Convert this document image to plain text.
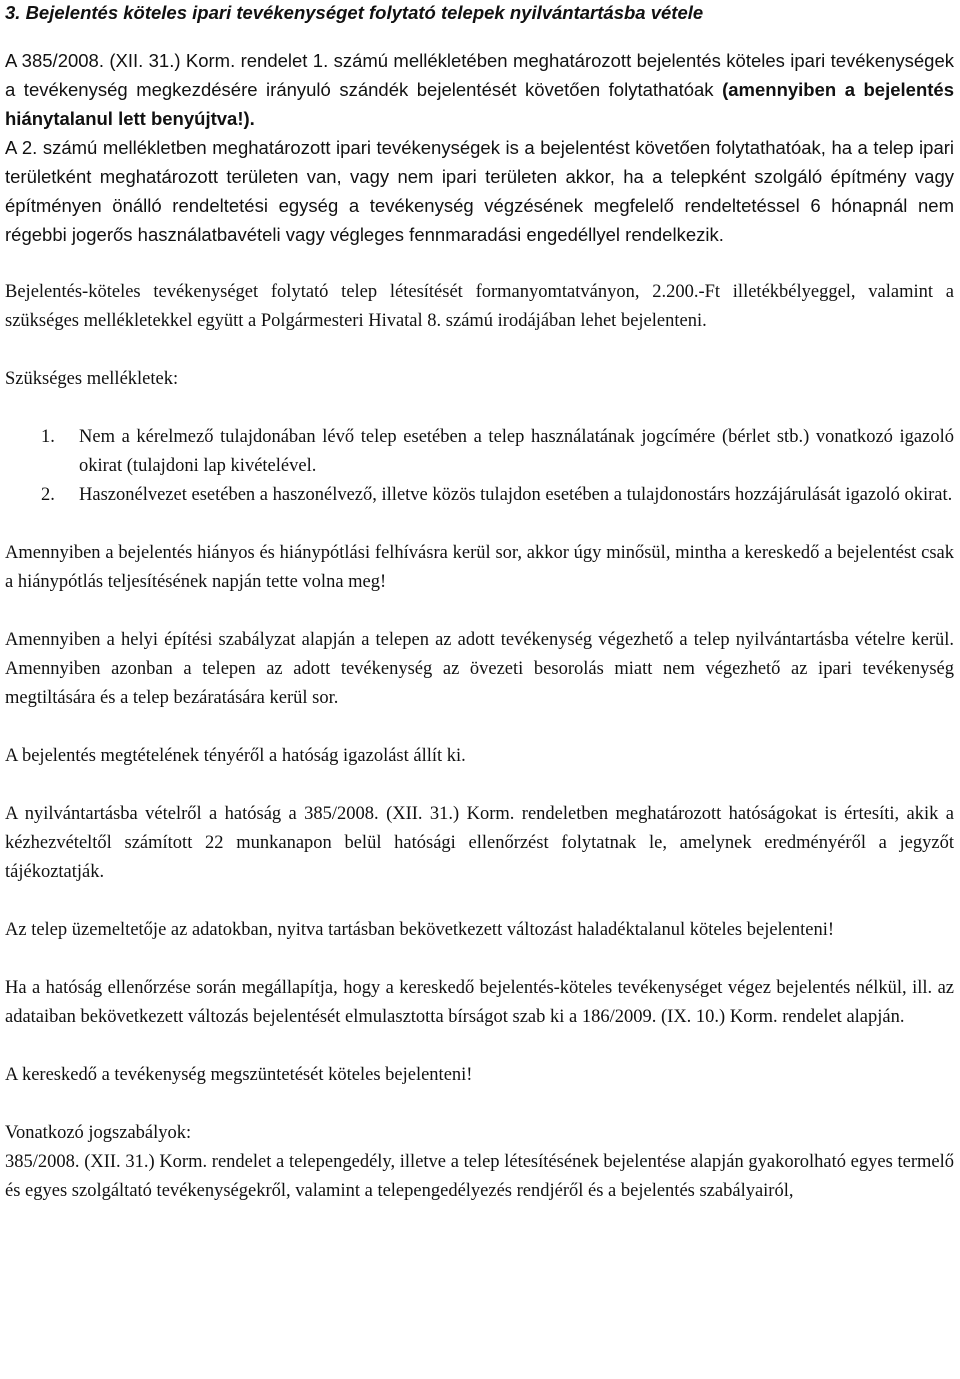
3. Bejelentés köteles ipari tevékenységet folytató telepek nyilvántartásba vétele

A 385/2008. (XII. 31.) Korm. rendelet 1. számú mellékletében meghatározott bejelentés köteles ipari tevékenységek a tevékenység megkezdésére irányuló szándék bejelentését követően folytathatóak (amennyiben a bejelentés hiánytalanul lett benyújtva!).

A 2. számú mellékletben meghatározott ipari tevékenységek is a bejelentést követően folytathatóak, ha a telep ipari területként meghatározott területen van, vagy nem ipari területen akkor, ha a telepként szolgáló építmény vagy építményen önálló rendeltetési egység a tevékenység végzésének megfelelő rendeltetéssel 6 hónapnál nem régebbi jogerős használatbavételi vagy végleges fennmaradási engedéllyel rendelkezik.

Bejelentés-köteles tevékenységet folytató telep létesítését formanyomtatványon, 2.200.-Ft illetékbélyeggel, valamint a szükséges mellékletekkel együtt a Polgármesteri Hivatal 8. számú irodájában lehet bejelenteni.

Szükséges mellékletek:

1.	Nem a kérelmező tulajdonában lévő telep esetében a telep használatának jogcímére (bérlet stb.) vonatkozó igazoló okirat (tulajdoni lap kivételével.
2.	Haszonélvezet esetében a haszonélvező, illetve közös tulajdon esetében a tulajdonostárs hozzájárulását igazoló okirat.

Amennyiben a bejelentés hiányos és hiánypótlási felhívásra kerül sor, akkor úgy minősül, mintha a kereskedő a bejelentést csak a hiánypótlás teljesítésének napján tette volna meg!

Amennyiben a helyi építési szabályzat alapján a telepen az adott tevékenység végezhető a telep nyilvántartásba vételre kerül. Amennyiben azonban a telepen az adott tevékenység az övezeti besorolás miatt nem végezhető az ipari tevékenység megtiltására és a telep bezáratására kerül sor.

A bejelentés megtételének tényéről a hatóság igazolást állít ki.

A nyilvántartásba vételről a hatóság a 385/2008. (XII. 31.) Korm. rendeletben meghatározott hatóságokat is értesíti, akik a kézhezvételtől számított 22 munkanapon belül hatósági ellenőrzést folytatnak le, amelynek eredményéről a jegyzőt tájékoztatják.

Az telep üzemeltetője az adatokban, nyitva tartásban bekövetkezett változást haladéktalanul köteles bejelenteni!

Ha a hatóság ellenőrzése során megállapítja, hogy a kereskedő bejelentés-köteles tevékenységet végez bejelentés nélkül, ill. az adataiban bekövetkezett változás bejelentését elmulasztotta bírságot szab ki a 186/2009. (IX. 10.) Korm. rendelet alapján.

A kereskedő a tevékenység megszüntetését köteles bejelenteni!

Vonatkozó jogszabályok:

385/2008. (XII. 31.) Korm. rendelet a telepengedély, illetve a telep létesítésének bejelentése alapján gyakorolható egyes termelő és egyes szolgáltató tevékenységekről, valamint a telepengedélyezés rendjéről és a bejelentés szabályairól,
